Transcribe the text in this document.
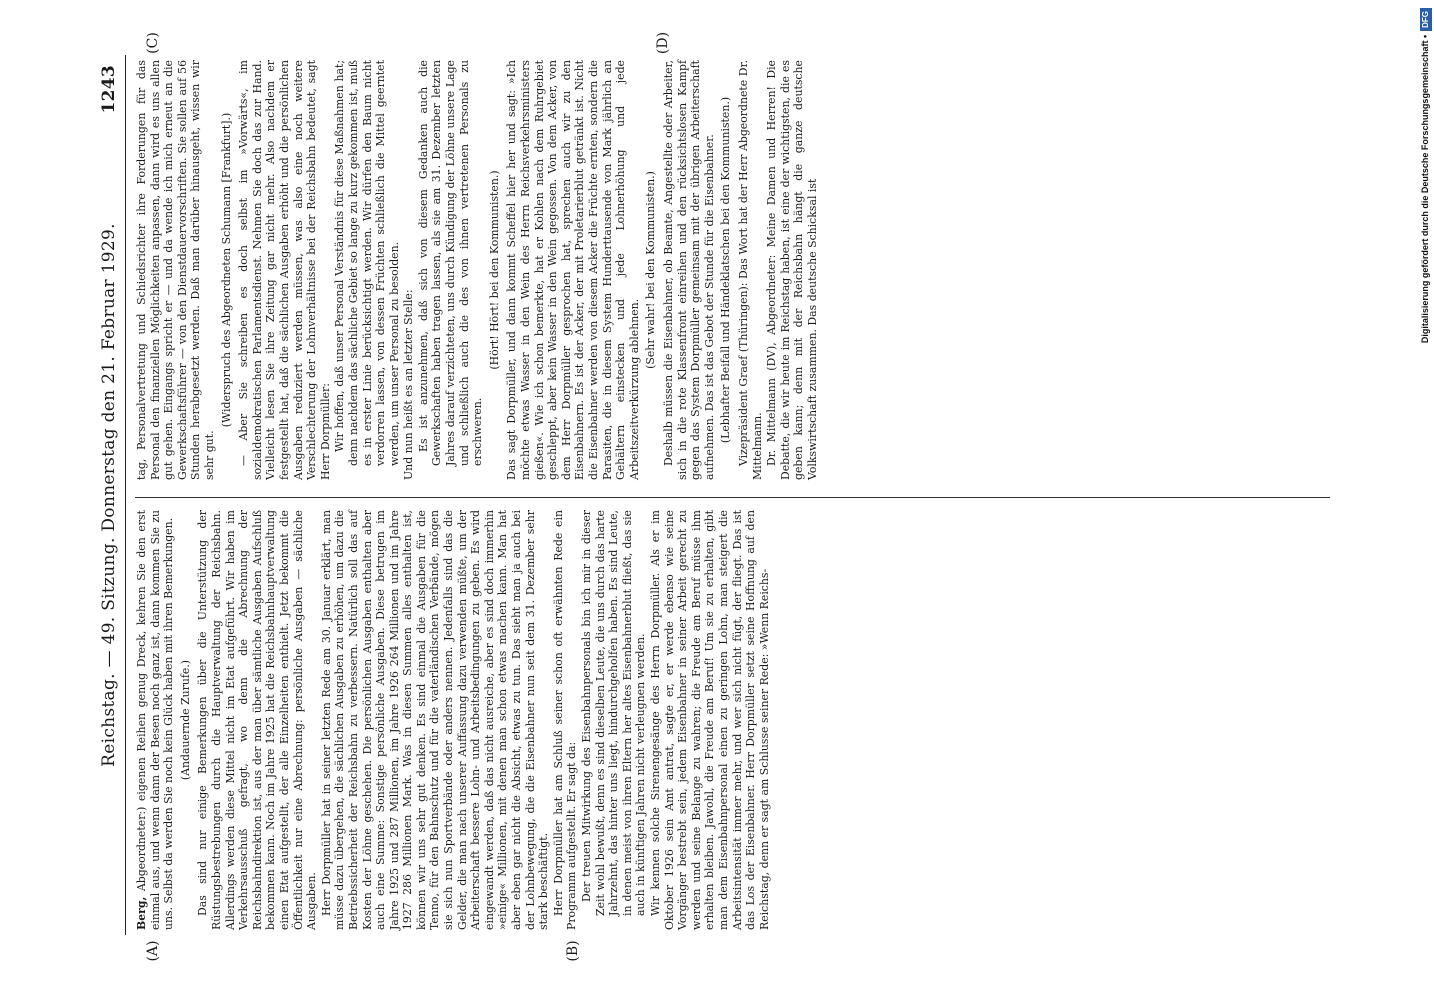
Reichstag. — 49. Sitzung. Donnerstag den 21. Februar 1929.
1243
(A)	(B)
(C)	(D)

Berg, Abgeordneter:) eigenen Reihen genug Dreck, kehren Sie den erst einmal aus, und wenn dann der Besen noch ganz ist, dann kommen Sie zu uns. Selbst da werden Sie noch kein Glück haben mit ihren Bemerkungen. (Andauernde Zurufe.) Das sind nur einige Bemerkungen über die Unterstützung der Rüstungsbestrebungen durch die Hauptverwaltung der Reichsbahn. Allerdings werden diese Mittel nicht im Etat aufgeführt. Wir haben im Verkehrsausschuß gefragt, wo denn die Abrechnung der Reichsbahndirektion ist, aus der man über sämtliche Ausgaben Aufschluß bekommen kann. Noch im Jahre 1925 hat die Reichsbahnhauptverwaltung einen Etat aufgestellt, der alle Einzelheiten enthielt. Jetzt bekommt die Öffentlichkeit nur eine Abrechnung: persönliche Ausgaben — sächliche Ausgaben. Herr Dorpmüller hat in seiner letzten Rede am 30. Januar erklärt, man müsse dazu übergehen, die sächlichen Ausgaben zu erhöhen, um dazu die Betriebssicherheit der Reichsbahn zu verbessern. Natürlich soll das auf Kosten der Löhne geschehen. Die persönlichen Ausgaben enthalten aber auch eine Summe: Sonstige persönliche Ausgaben. Diese betrugen im Jahre 1925 und 287 Millionen, im Jahre 1926 264 Millionen und im Jahre 1927 286 Millionen Mark. Was in diesen Summen alles enthalten ist, können wir uns sehr gut denken. Es sind einmal die Ausgaben für die Tenno, für den Bahnschutz und für die vaterländischen Verbände, mögen sie sich nun Sportverbände oder anders nennen. Jedenfalls sind das die Gelder, die man nach unserer Auffassung dazu verwenden müßte, um der Arbeiterschaft bessere Lohn- und Arbeitsbedingungen zu geben. Es wird eingewandt werden, daß das nicht ausreiche, aber es sind doch immerhin »einige« Millionen, mit denen man schon etwas machen kann. Man hat aber eben gar nicht die Absicht, etwas zu tun. Das sieht man ja auch bei der Lohnbewegung, die die Eisenbahner nun seit dem 31. Dezember sehr stark beschäftigt. Herr Dorpmüller hat am Schluß seiner schon oft erwähnten Rede ein Programm aufgestellt. Er sagt da: Der treuen Mitwirkung des Eisenbahnpersonals bin ich mir in dieser Zeit wohl bewußt, denn es sind dieselben Leute, die uns durch das harte Jahrzehnt, das hinter uns liegt, hindurchgeholfen haben. Es sind Leute, in denen meist von ihren Eltern her altes Eisenbahnerblut fließt, das sie auch in künftigen Jahren nicht verleugnen werden. Wir kennen solche Sirenengesänge des Herrn Dorpmüller. Als er im Oktober 1926 sein Amt antrat, sagte er, er werde ebenso wie seine Vorgänger bestrebt sein, jedem Eisenbahner in seiner Arbeit gerecht zu werden und seine Belange zu wahren; die Freude am Beruf müsse ihm erhalten bleiben. Jawohl, die Freude am Beruf! Um sie zu erhalten, gibt man dem Eisenbahnpersonal einen zu geringen Lohn, man steigert die Arbeitsintensität immer mehr, und wer sich nicht fügt, der fliegt. Das ist das Los der Eisenbahner. Herr Dorpmüller setzt seine Hoffnung auf den Reichstag, denn er sagt am Schlusse seiner Rede: »Wenn Reichs-

tag, Personalvertretung und Schiedsrichter ihre Forderungen für das Personal den finanziellen Möglichkeiten anpassen, dann wird es uns allen gut gehen. Eingangs spricht er — und da wende ich mich erneut an die Gewerkschaftsführer — von den Dienstdauervorschriften. Sie sollen auf 56 Stunden herabgesetzt werden. Daß man darüber hinausgeht, wissen wir sehr gut.

(Widerspruch des Abgeordneten Schumann [Frankfurt].) — Aber Sie schreiben es doch selbst im »Vorwärts«, im sozialdemokratischen Parlamentsdienst. Nehmen Sie doch das zur Hand. Vielleicht lesen Sie ihre Zeitung gar nicht mehr. Also nachdem er festgestellt hat, daß die sächlichen Ausgaben erhöht und die persönlichen Ausgaben reduziert werden müssen, was also eine noch weitere Verschlechterung der Lohnverhältnisse bei der Reichsbahn bedeutet, sagt Herr Dorpmüller: Wir hoffen, daß unser Personal Verständnis für diese Maßnahmen hat; denn nachdem das sächliche Gebiet so lange zu kurz gekommen ist, muß es in erster Linie berücksichtigt werden. Wir dürfen den Baum nicht verdorren lassen, von dessen Früchten schließlich die Mittel geerntet werden, um unser Personal zu besolden. Und nun heißt es an letzter Stelle: Es ist anzunehmen, daß sich von diesem Gedanken auch die Gewerkschaften haben tragen lassen, als sie am 31. Dezember letzten Jahres darauf verzichteten, uns durch Kündigung der Löhne unsere Lage und schließlich auch die des von ihnen vertretenen Personals zu erschweren.

(Hört! Hört! bei den Kommunisten.) Das sagt Dorpmüller, und dann kommt Scheffel hier her und sagt: »Ich möchte etwas Wasser in den Wein des Herrn Reichsverkehrsministers gießen«. Wie ich schon bemerkte, hat er Kohlen nach dem Ruhrgebiet geschleppt, aber kein Wasser in den Wein gegossen. Von dem Acker, von dem Herr Dorpmüller gesprochen hat, sprechen auch wir zu den Eisenbahnern. Es ist der Acker, der mit Proletarierblut getränkt ist. Nicht die Eisenbahner werden von diesem Acker die Früchte ernten, sondern die Parasiten, die in diesem System Hunderttausende von Mark jährlich an Gehältern einstecken und jede Lohnerhöhung und jede Arbeitszeitverkürzung ablehnen.

(Sehr wahr! bei den Kommunisten.) Deshalb müssen die Eisenbahner, ob Beamte, Angestellte oder Arbeiter, sich in die rote Klassenfront einreihen und den rücksichtslosen Kampf gegen das System Dorpmüller gemeinsam mit der übrigen Arbeiterschaft aufnehmen. Das ist das Gebot der Stunde für die Eisenbahner. (Lebhafter Beifall und Händeklatschen bei den Kommunisten.) Vizepräsident Graef (Thüringen): Das Wort hat der Herr Abgeordnete Dr. Mittelmann. Dr. Mittelmann (DV), Abgeordneter: Meine Damen und Herren! Die Debatte, die wir heute im Reichstag haben, ist eine der wichtigsten, die es geben kann; denn mit der Reichsbahn hängt die ganze deutsche Volkswirtschaft zusammen. Das deutsche Schicksal ist	Digitalisierung gefördert durch die Deutsche Forschungsgemeinschaft •DFG
